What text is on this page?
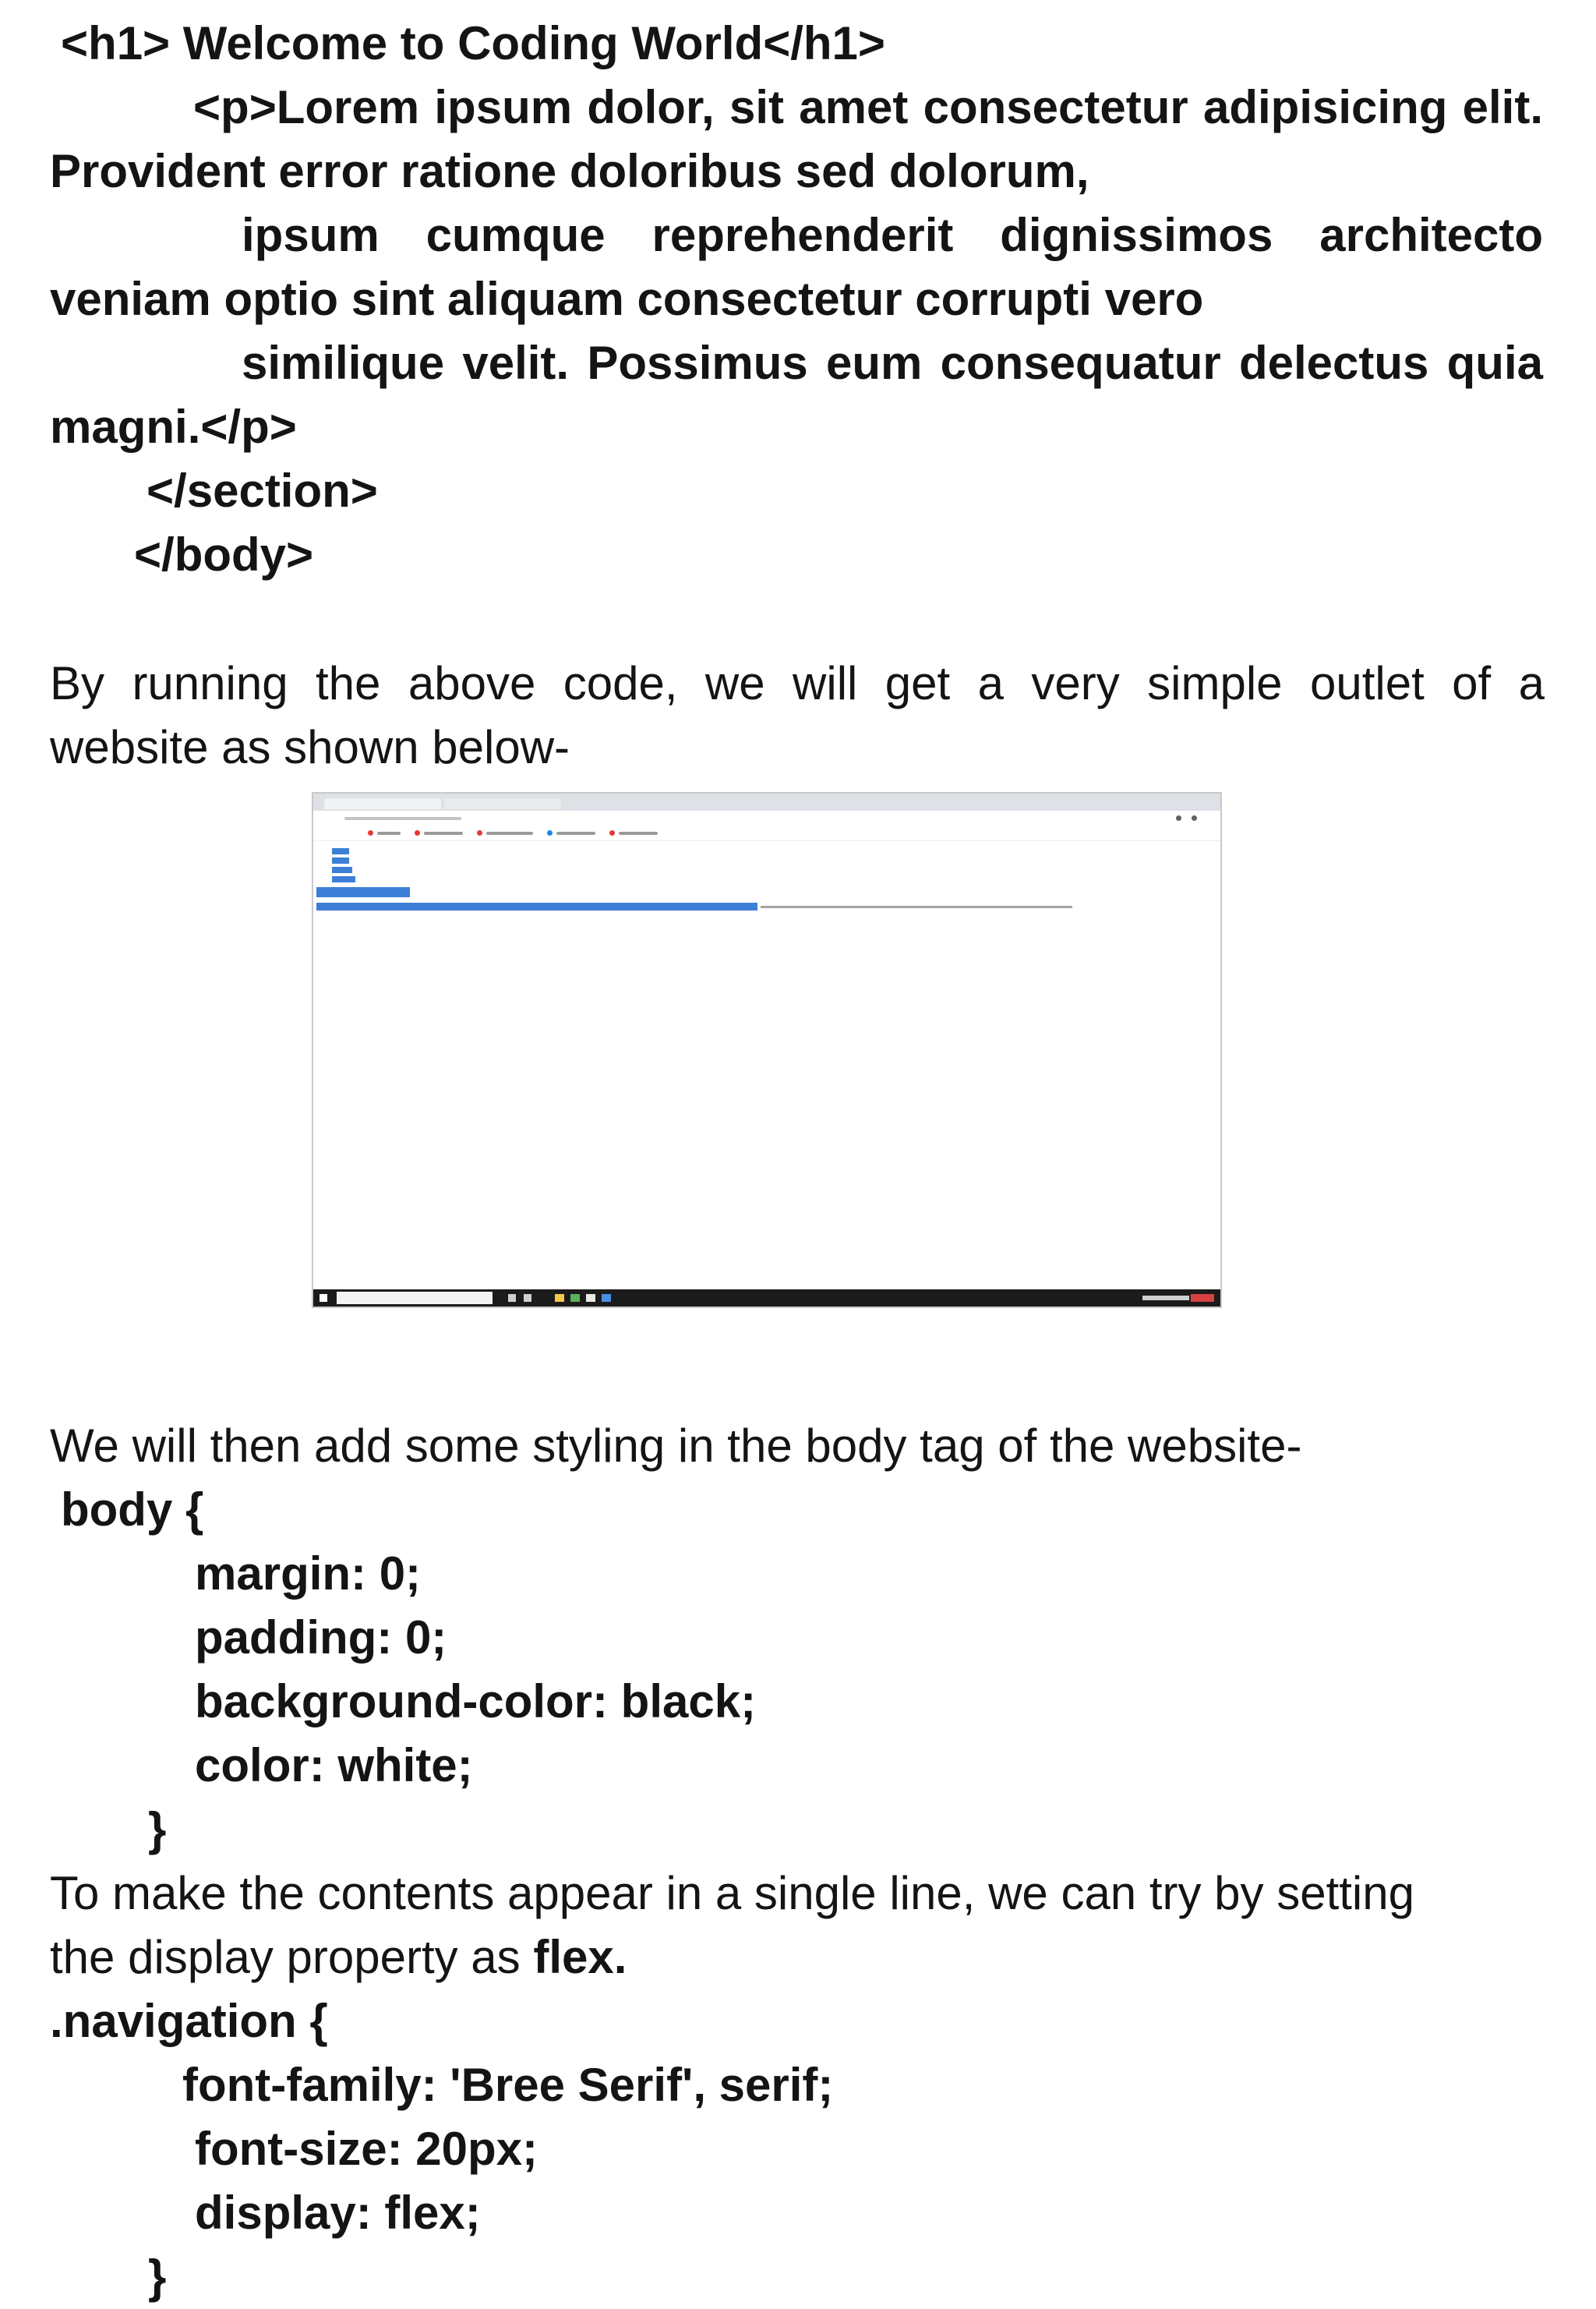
<h1> Welcome to Coding World</h1>
<p>Lorem ipsum dolor, sit amet consectetur adipisicing elit.
Provident error ratione doloribus sed dolorum,
ipsum cumque reprehenderit dignissimos architecto
veniam optio sint aliquam consectetur corrupti vero
similique velit. Possimus eum consequatur delectus quia
magni.</p>
</section>
</body>
By running the above code, we will get a very simple outlet of a
website as shown below-
We will then add some styling in the body tag of the website-
body {
margin: 0;
padding: 0;
background-color: black;
color: white;
}
To make the contents appear in a single line, we can try by setting
the display property as flex.
.navigation {
font-family: 'Bree Serif', serif;
font-size: 20px;
display: flex;
}
